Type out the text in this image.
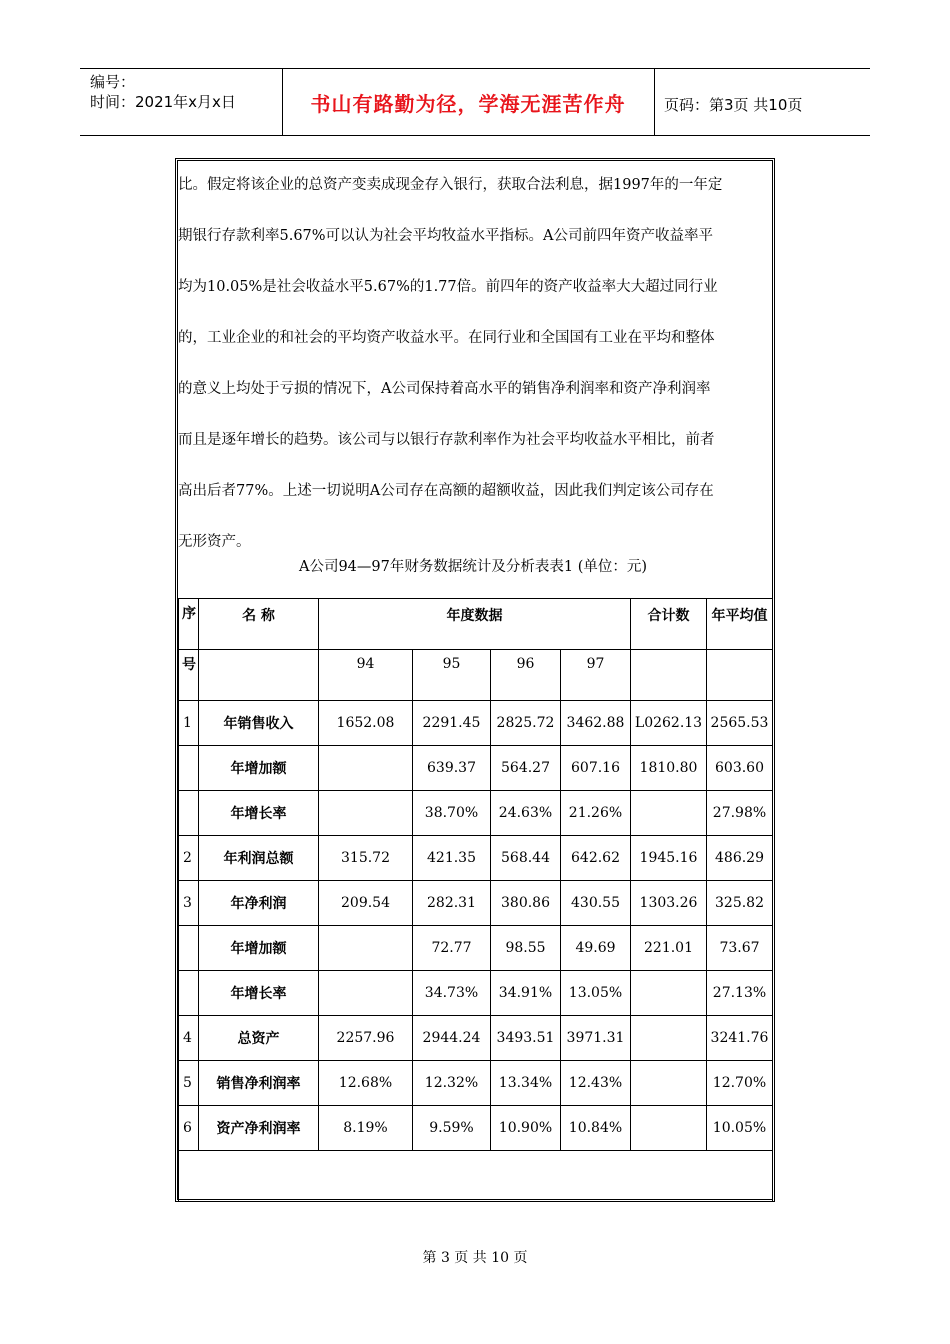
编号：
时间：2021年x月x日	书山有路勤为径，学海无涯苦作舟	页码：第3页 共10页

比。假定将该企业的总资产变卖成现金存入银行，获取合法利息，据1997年的一年定

期银行存款利率5.67%可以认为社会平均牧益水平指标。A公司前四年资产收益率平

均为10.05%是社会收益水平5.67%的1.77倍。前四年的资产收益率大大超过同行业

的，工业企业的和社会的平均资产收益水平。在同行业和全国国有工业在平均和整体

的意义上均处于亏损的情况下，A公司保持着高水平的销售净利润率和资产净利润率

而且是逐年增长的趋势。该公司与以银行存款利率作为社会平均收益水平相比，前者

高出后者77%。上述一切说明A公司存在高额的超额收益，因此我们判定该公司存在

无形资产。

A公司94—97年财务数据统计及分析表表1 (单位：元)
序	名 称	年度数据				合计数	年平均值
号		94	95	96	97		
1	年销售收入	1652.08	2291.45	2825.72	3462.88	L0262.13	2565.53
	年增加额		639.37	564.27	607.16	1810.80	603.60
	年增长率		38.70%	24.63%	21.26%		27.98%
2	年利润总额	315.72	421.35	568.44	642.62	1945.16	486.29
3	年净利润	209.54	282.31	380.86	430.55	1303.26	325.82
	年增加额		72.77	98.55	49.69	221.01	73.67
	年增长率		34.73%	34.91%	13.05%		27.13%
4	总资产	2257.96	2944.24	3493.51	3971.31		3241.76
5	销售净利润率	12.68%	12.32%	13.34%	12.43%		12.70%
6	资产净利润率	8.19%	9.59%	10.90%	10.84%		10.05%

第 3 页 共 10 页
